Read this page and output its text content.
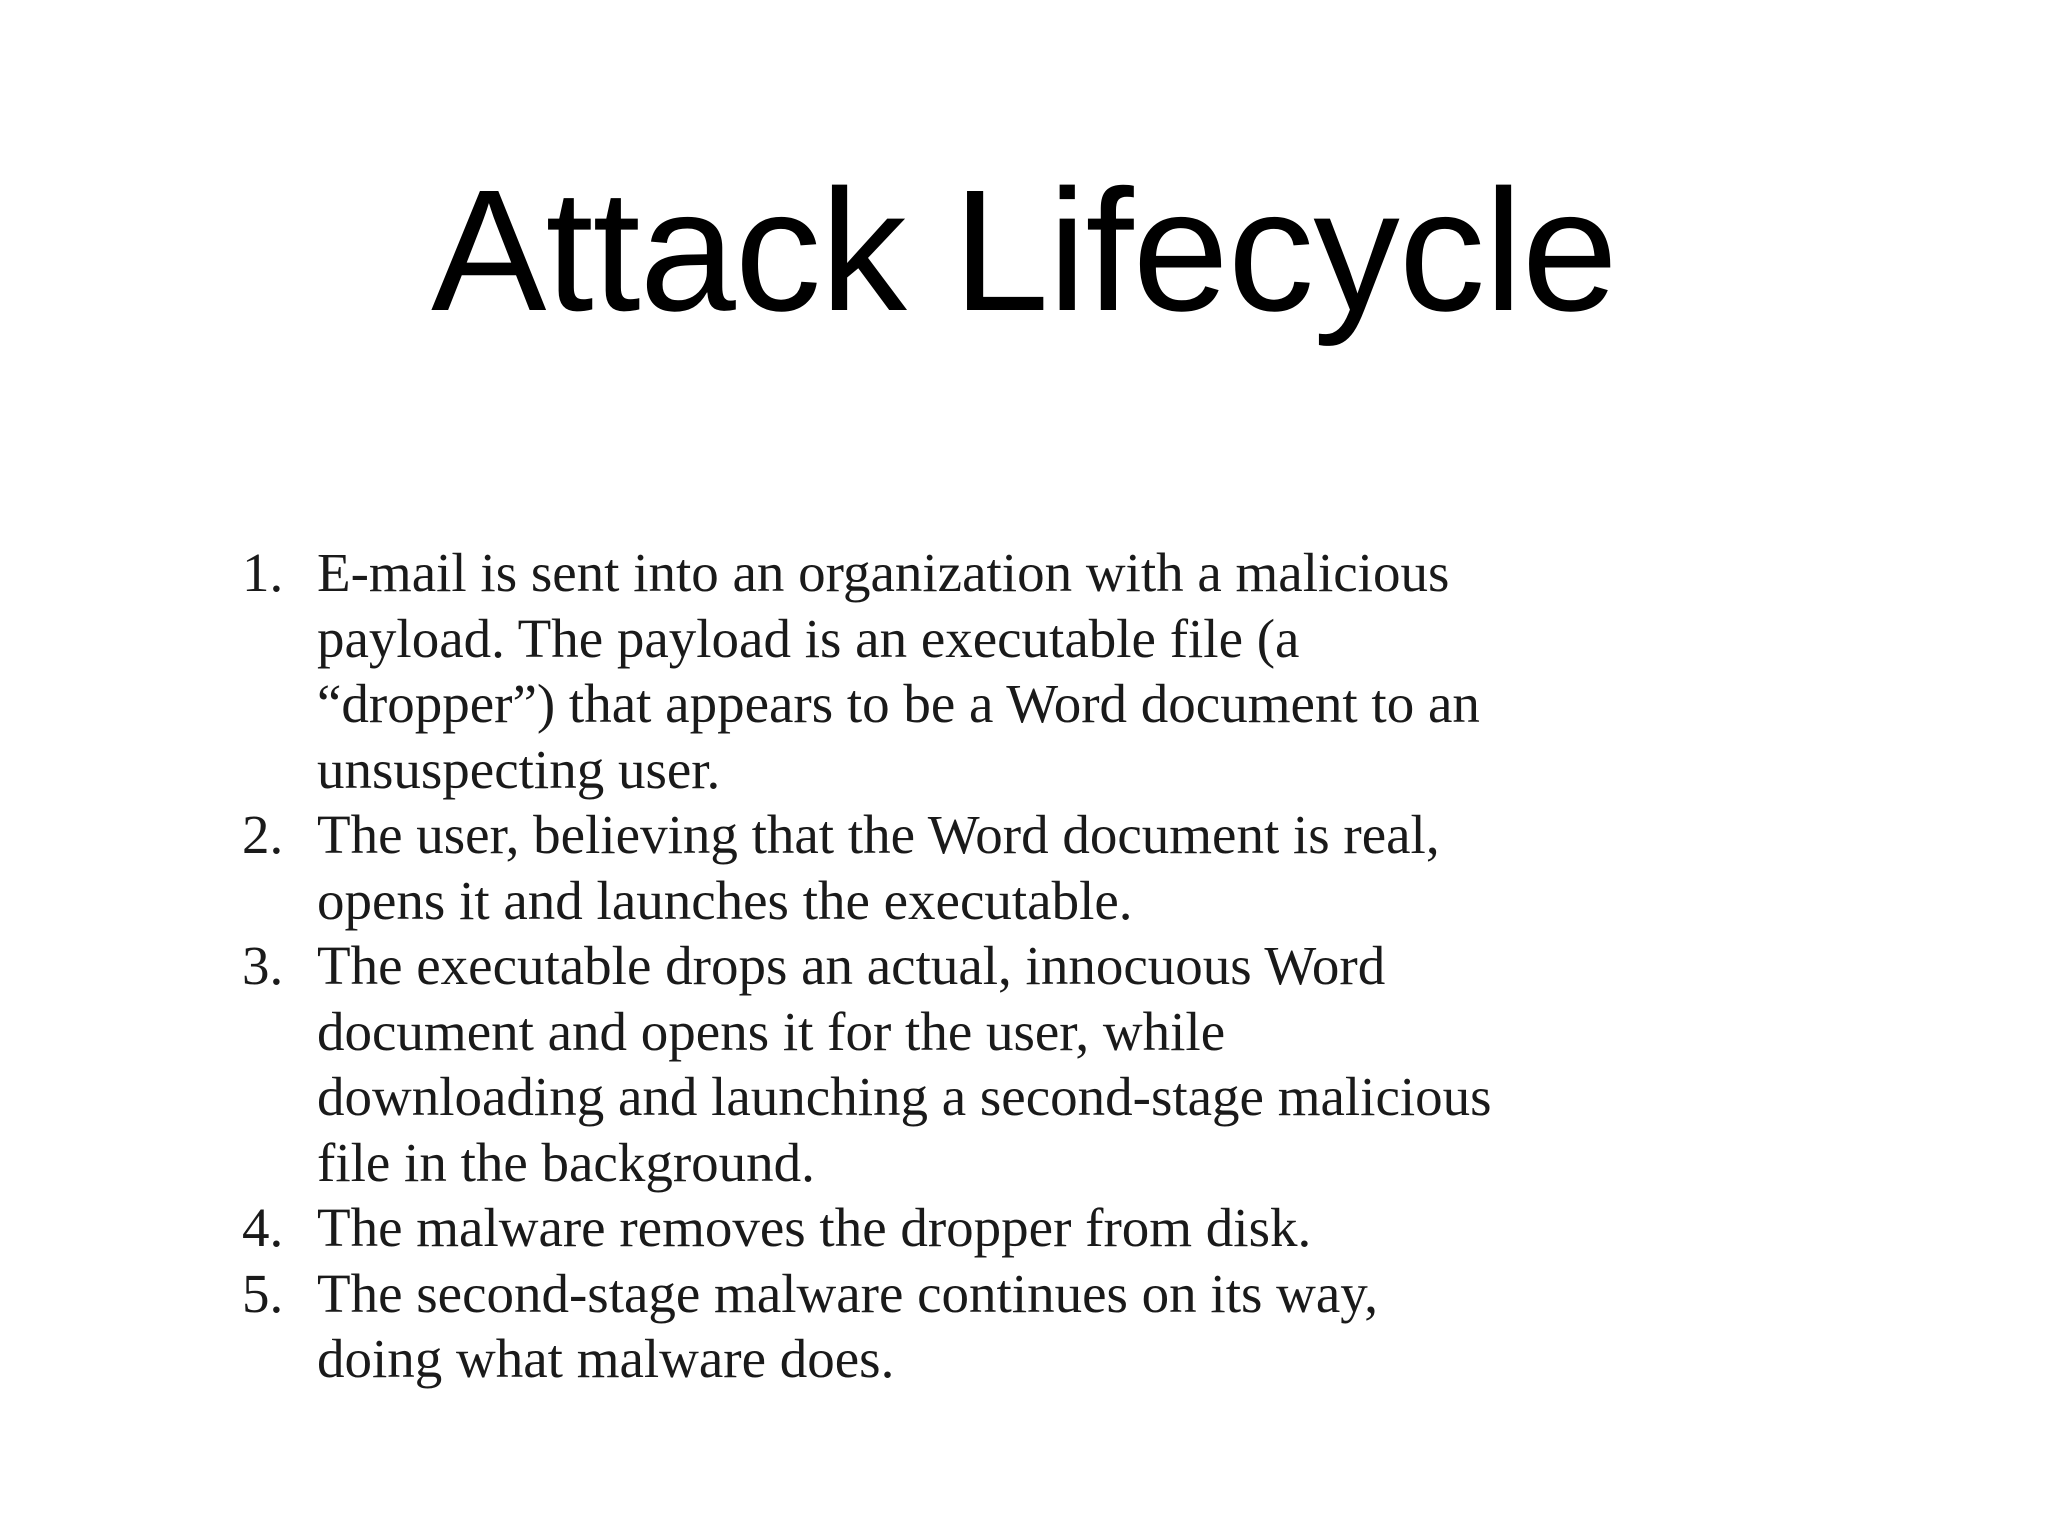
Attack Lifecycle
1. E-mail is sent into an organization with a malicious
payload. The payload is an executable file (a
“dropper”) that appears to be a Word document to an
unsuspecting user.
2. The user, believing that the Word document is real,
opens it and launches the executable.
3. The executable drops an actual, innocuous Word
document and opens it for the user, while
downloading and launching a second-stage malicious
file in the background.
4. The malware removes the dropper from disk.
5. The second-stage malware continues on its way,
doing what malware does.
